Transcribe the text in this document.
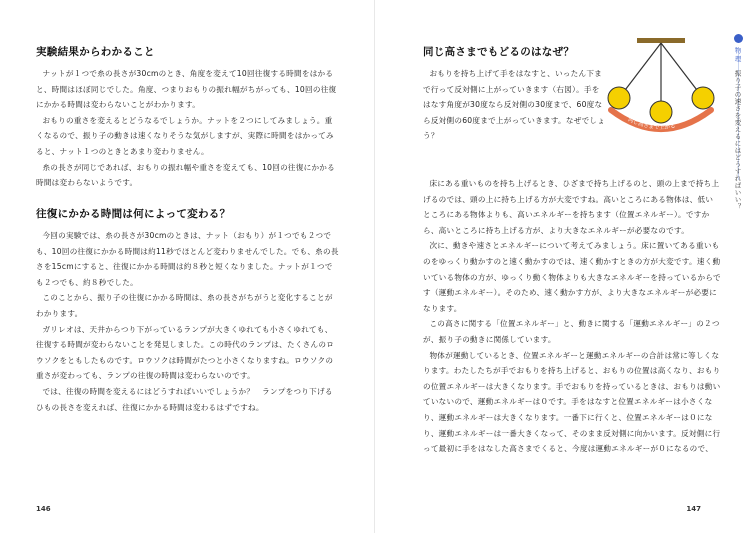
実験結果からわかること

ナットが１つで糸の長さが30cmのとき、角度を変えて10回往復する時間をはかると、時間はほぼ同じでした。角度、つまりおもりの振れ幅がちがっても、10回の往復にかかる時間は変わらないことがわかります。

おもりの重さを変えるとどうなるでしょうか。ナットを２つにしてみましょう。重くなるので、振り子の動きは速くなりそうな気がしますが、実際に時間をはかってみると、ナット１つのときとあまり変わりません。

糸の長さが同じであれば、おもりの振れ幅や重さを変えても、10回の往復にかかる時間は変わらないようです。

往復にかかる時間は何によって変わる？

今回の実験では、糸の長さが30cmのときは、ナット（おもり）が１つでも２つでも、10回の往復にかかる時間は約11秒でほとんど変わりませんでした。でも、糸の長さを15cmにすると、往復にかかる時間は約８秒と短くなりました。ナットが１つでも２つでも、約８秒でした。

このことから、振り子の往復にかかる時間は、糸の長さがちがうと変化することがわかります。

ガリレオは、天井からつり下がっているランプが大きくゆれても小さくゆれても、往復する時間が変わらないことを発見しました。この時代のランプは、たくさんのロウソクをともしたものです。ロウソクは時間がたつと小さくなりますね。ロウソクの重さが変わっても、ランプの往復の時間は変わらないのです。

では、往復の時間を変えるにはどうすればいいでしょうか？　ランプをつり下げるひもの長さを変えれば、往復にかかる時間は変わるはずですね。

146
同じ高さまでもどるのはなぜ？

おもりを持ち上げて手をはなすと、いったん下まで行って反対側に上がっていきます（右図）。手をはなす角度が30度なら反対側の30度まで、60度なら反対側の60度まで上がっていきます。なぜでしょう？

床にある重いものを持ち上げるとき、ひざまで持ち上げるのと、頭の上まで持ち上げるのでは、頭の上に持ち上げる方が大変ですね。高いところにある物体は、低いところにある物体よりも、高いエネルギーを持ちます（位置エネルギー）。ですから、高いところに持ち上げる方が、より大きなエネルギーが必要なのです。

次に、動きや速さとエネルギーについて考えてみましょう。床に置いてある重いものをゆっくり動かすのと速く動かすのでは、速く動かすときの方が大変です。速く動いている物体の方が、ゆっくり動く物体よりも大きなエネルギーを持っているからです（運動エネルギー）。そのため、速く動かす方が、より大きなエネルギーが必要になります。

この高さに関する「位置エネルギー」と、動きに関する「運動エネルギー」の２つが、振り子の動きに関係しています。

物体が運動しているとき、位置エネルギーと運動エネルギーの合計は常に等しくなります。わたしたちが手でおもりを持ち上げると、おもりの位置は高くなり、おもりの位置エネルギーは大きくなります。手でおもりを持っているときは、おもりは動いていないので、運動エネルギーは０です。手をはなすと位置エネルギーは小さくなり、運動エネルギーは大きくなります。一番下に行くと、位置エネルギーは０になり、運動エネルギーは一番大きくなって、そのまま反対側に向かいます。反対側に行って最初に手をはなした高さまでくると、今度は運動エネルギーが０になるので、

147
物理
振り子の速さを変えるにはどうすればいい？
同じ高さまで上がる
